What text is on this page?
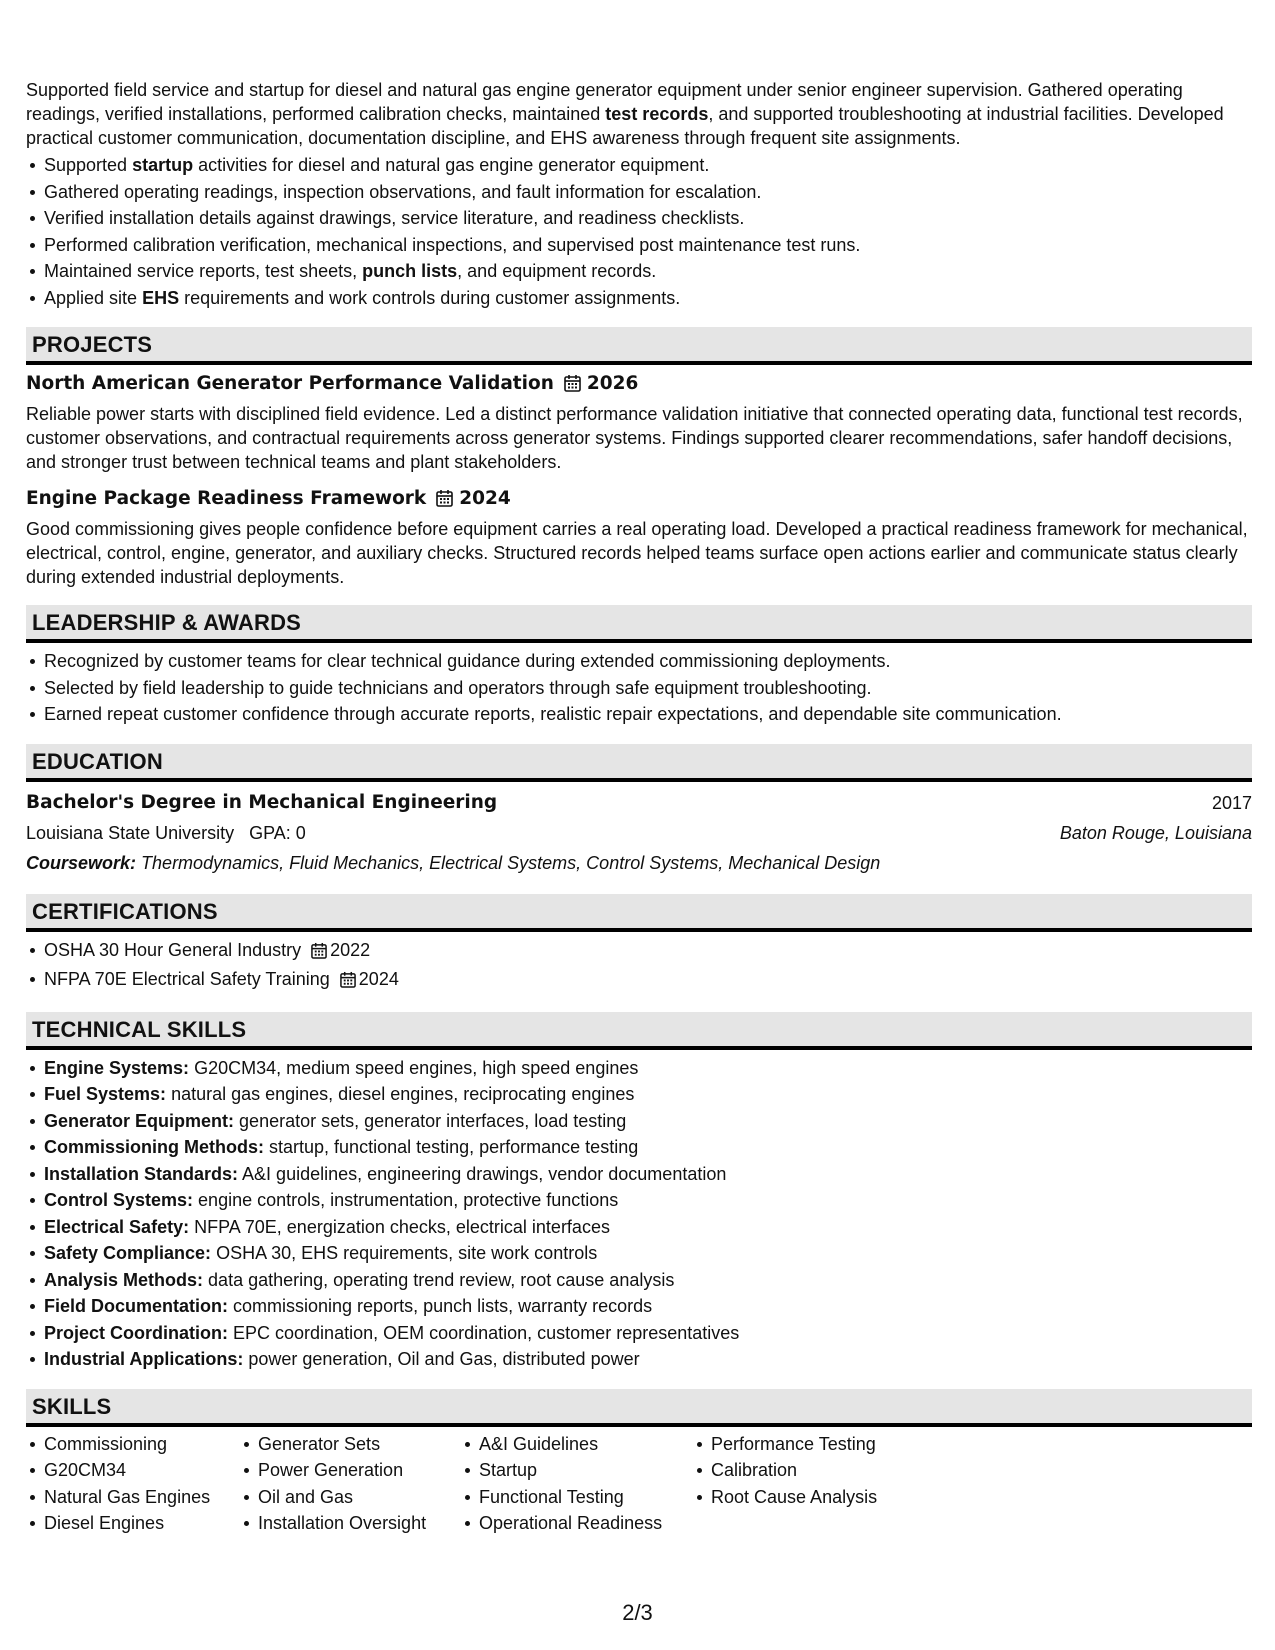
Supported field service and startup for diesel and natural gas engine generator equipment under senior engineer supervision. Gathered operating readings, verified installations, performed calibration checks, maintained test records, and supported troubleshooting at industrial facilities. Developed practical customer communication, documentation discipline, and EHS awareness through frequent site assignments.

Supported startup activities for diesel and natural gas engine generator equipment.
Gathered operating readings, inspection observations, and fault information for escalation.
Verified installation details against drawings, service literature, and readiness checklists.
Performed calibration verification, mechanical inspections, and supervised post maintenance test runs.
Maintained service reports, test sheets, punch lists, and equipment records.
Applied site EHS requirements and work controls during customer assignments.
PROJECTS
North American Generator Performance Validation 2026

Reliable power starts with disciplined field evidence. Led a distinct performance validation initiative that connected operating data, functional test records, customer observations, and contractual requirements across generator systems. Findings supported clearer recommendations, safer handoff decisions, and stronger trust between technical teams and plant stakeholders.

Engine Package Readiness Framework 2024

Good commissioning gives people confidence before equipment carries a real operating load. Developed a practical readiness framework for mechanical, electrical, control, engine, generator, and auxiliary checks. Structured records helped teams surface open actions earlier and communicate status clearly during extended industrial deployments.

LEADERSHIP & AWARDS
Recognized by customer teams for clear technical guidance during extended commissioning deployments.
Selected by field leadership to guide technicians and operators through safe equipment troubleshooting.
Earned repeat customer confidence through accurate reports, realistic repair expectations, and dependable site communication.
EDUCATION
Bachelor's Degree in Mechanical Engineering	2017
Louisiana State University GPA: 0	Baton Rouge, Louisiana
Coursework: Thermodynamics, Fluid Mechanics, Electrical Systems, Control Systems, Mechanical Design
CERTIFICATIONS
OSHA 30 Hour General Industry 2022
NFPA 70E Electrical Safety Training 2024
TECHNICAL SKILLS
Engine Systems: G20CM34, medium speed engines, high speed engines
Fuel Systems: natural gas engines, diesel engines, reciprocating engines
Generator Equipment: generator sets, generator interfaces, load testing
Commissioning Methods: startup, functional testing, performance testing
Installation Standards: A&I guidelines, engineering drawings, vendor documentation
Control Systems: engine controls, instrumentation, protective functions
Electrical Safety: NFPA 70E, energization checks, electrical interfaces
Safety Compliance: OSHA 30, EHS requirements, site work controls
Analysis Methods: data gathering, operating trend review, root cause analysis
Field Documentation: commissioning reports, punch lists, warranty records
Project Coordination: EPC coordination, OEM coordination, customer representatives
Industrial Applications: power generation, Oil and Gas, distributed power
SKILLS
Commissioning
G20CM34
Natural Gas Engines
Diesel Engines
Generator Sets
Power Generation
Oil and Gas
Installation Oversight
A&I Guidelines
Startup
Functional Testing
Operational Readiness
Performance Testing
Calibration
Root Cause Analysis
2/3
